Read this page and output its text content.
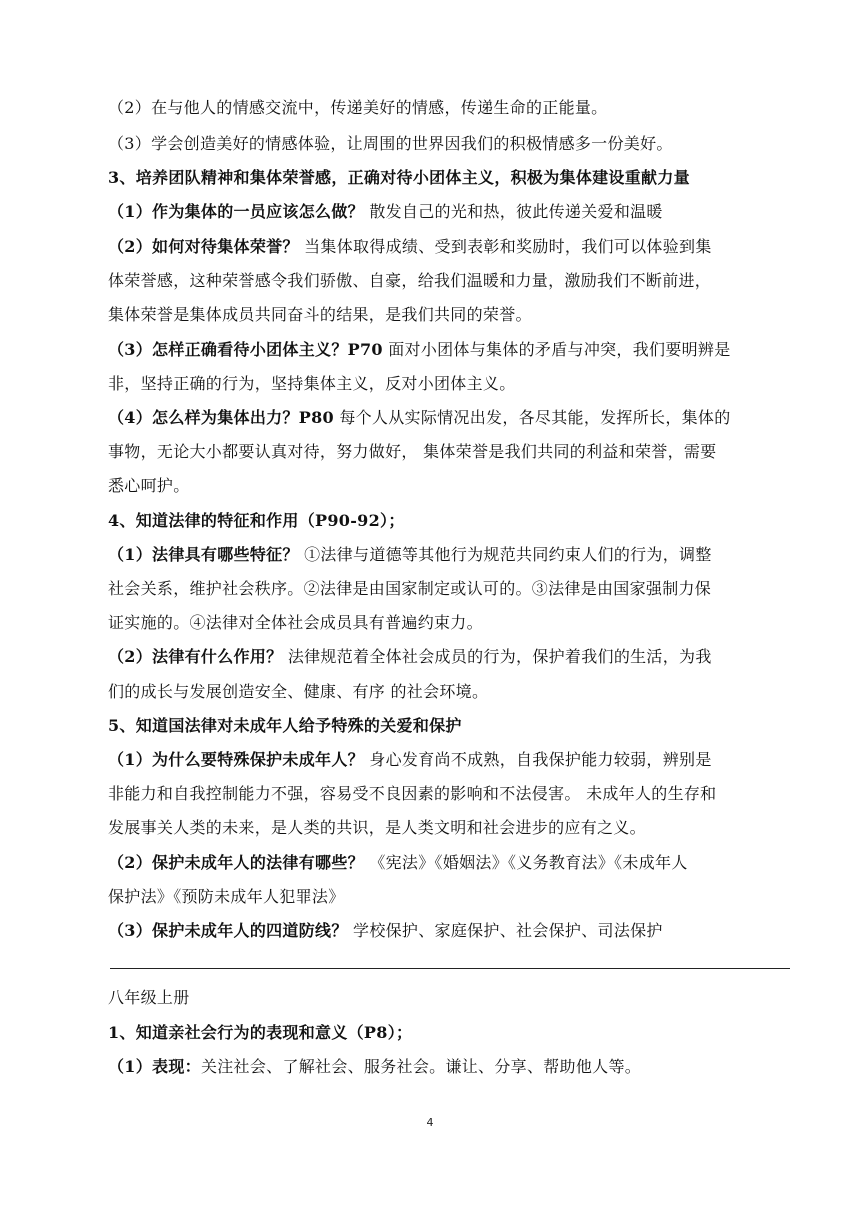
（2）在与他人的情感交流中，传递美好的情感，传递生命的正能量。
（3）学会创造美好的情感体验，让周围的世界因我们的积极情感多一份美好。
3、培养团队精神和集体荣誉感，正确对待小团体主义，积极为集体建设重献力量
（1）作为集体的一员应该怎么做？ 散发自己的光和热，彼此传递关爱和温暖
（2）如何对待集体荣誉？ 当集体取得成绩、受到表彰和奖励时，我们可以体验到集
体荣誉感，这种荣誉感令我们骄傲、自豪，给我们温暖和力量，激励我们不断前进，
集体荣誉是集体成员共同奋斗的结果，是我们共同的荣誉。
（3）怎样正确看待小团体主义？P70 面对小团体与集体的矛盾与冲突，我们要明辨是
非，坚持正确的行为，坚持集体主义，反对小团体主义。
（4）怎么样为集体出力？P80 每个人从实际情况出发，各尽其能，发挥所长，集体的
事物，无论大小都要认真对待，努力做好， 集体荣誉是我们共同的利益和荣誉，需要
悉心呵护。
4、知道法律的特征和作用（P90-92）；
（1）法律具有哪些特征？ ①法律与道德等其他行为规范共同约束人们的行为，调整
社会关系，维护社会秩序。②法律是由国家制定或认可的。③法律是由国家强制力保
证实施的。④法律对全体社会成员具有普遍约束力。
（2）法律有什么作用？ 法律规范着全体社会成员的行为，保护着我们的生活，为我
们的成长与发展创造安全、健康、有序 的社会环境。
5、知道国法律对未成年人给予特殊的关爱和保护
（1）为什么要特殊保护未成年人？ 身心发育尚不成熟，自我保护能力较弱，辨别是
非能力和自我控制能力不强，容易受不良因素的影响和不法侵害。 未成年人的生存和
发展事关人类的未来，是人类的共识，是人类文明和社会进步的应有之义。
（2）保护未成年人的法律有哪些？ 《宪法》《婚姻法》《义务教育法》《未成年人
保护法》《预防未成年人犯罪法》
（3）保护未成年人的四道防线？ 学校保护、家庭保护、社会保护、司法保护
八年级上册
1、知道亲社会行为的表现和意义（P8）；
（1）表现：关注社会、了解社会、服务社会。谦让、分享、帮助他人等。
4
